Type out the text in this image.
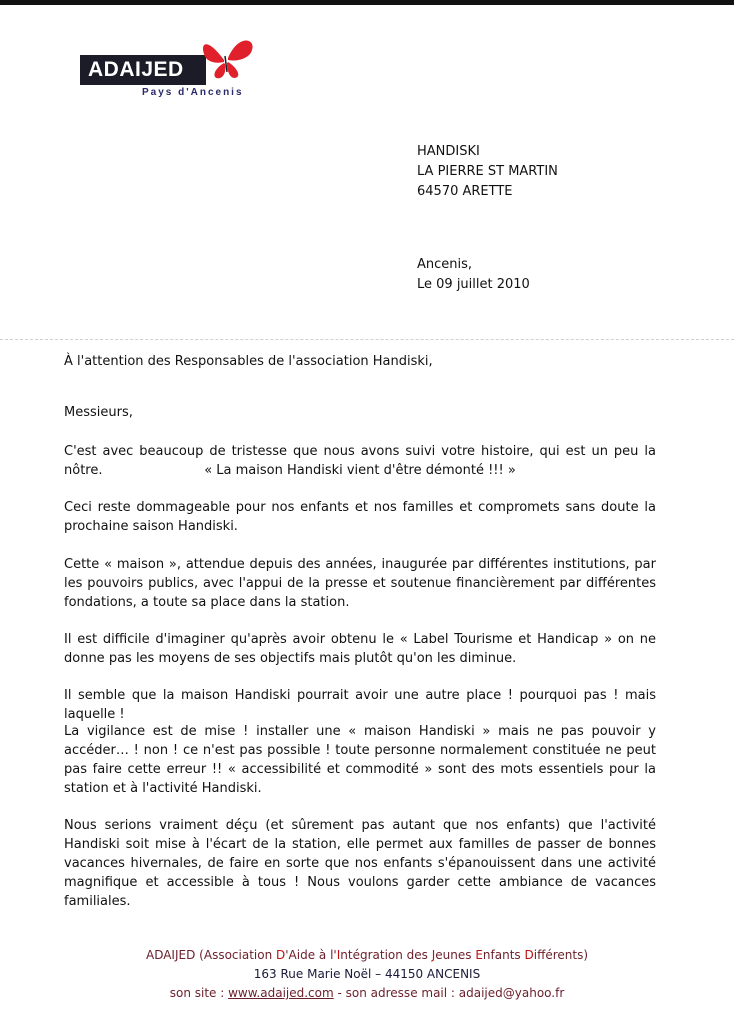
ADAIJED
Pays d'Ancenis
HANDISKI
LA PIERRE ST MARTIN
64570 ARETTE
Ancenis,
Le 09 juillet 2010

À l'attention des Responsables de l'association Handiski,

Messieurs,

C'est avec beaucoup de tristesse que nous avons suivi votre histoire, qui est un peu la nôtre.	« La maison Handiski vient d'être démonté !!! »

Ceci reste dommageable pour nos enfants et nos familles et compromets sans doute la prochaine saison Handiski.

Cette « maison », attendue depuis des années, inaugurée par différentes institutions, par les pouvoirs publics, avec l'appui de la presse et soutenue financièrement par différentes fondations, a toute sa place dans la station.

Il est difficile d'imaginer qu'après avoir obtenu le « Label Tourisme et Handicap » on ne donne pas les moyens de ses objectifs mais plutôt qu'on les diminue.

Il semble que la maison Handiski pourrait avoir une autre place ! pourquoi pas ! mais laquelle !

La vigilance est de mise ! installer une « maison Handiski » mais ne pas pouvoir y accéder… ! non ! ce n'est pas possible ! toute personne normalement constituée ne peut pas faire cette erreur !! « accessibilité et commodité » sont des mots essentiels pour la station et à l'activité Handiski.

Nous serions vraiment déçu (et sûrement pas autant que nos enfants) que l'activité Handiski soit mise à l'écart de la station, elle permet aux familles de passer de bonnes vacances hivernales, de faire en sorte que nos enfants s'épanouissent dans une activité magnifique et accessible à tous ! Nous voulons garder cette ambiance de vacances familiales.

ADAIJED (Association D'Aide à l'Intégration des Jeunes Enfants Différents)
163 Rue Marie Noël – 44150 ANCENIS
son site : www.adaijed.com - son adresse mail : adaijed@yahoo.fr
